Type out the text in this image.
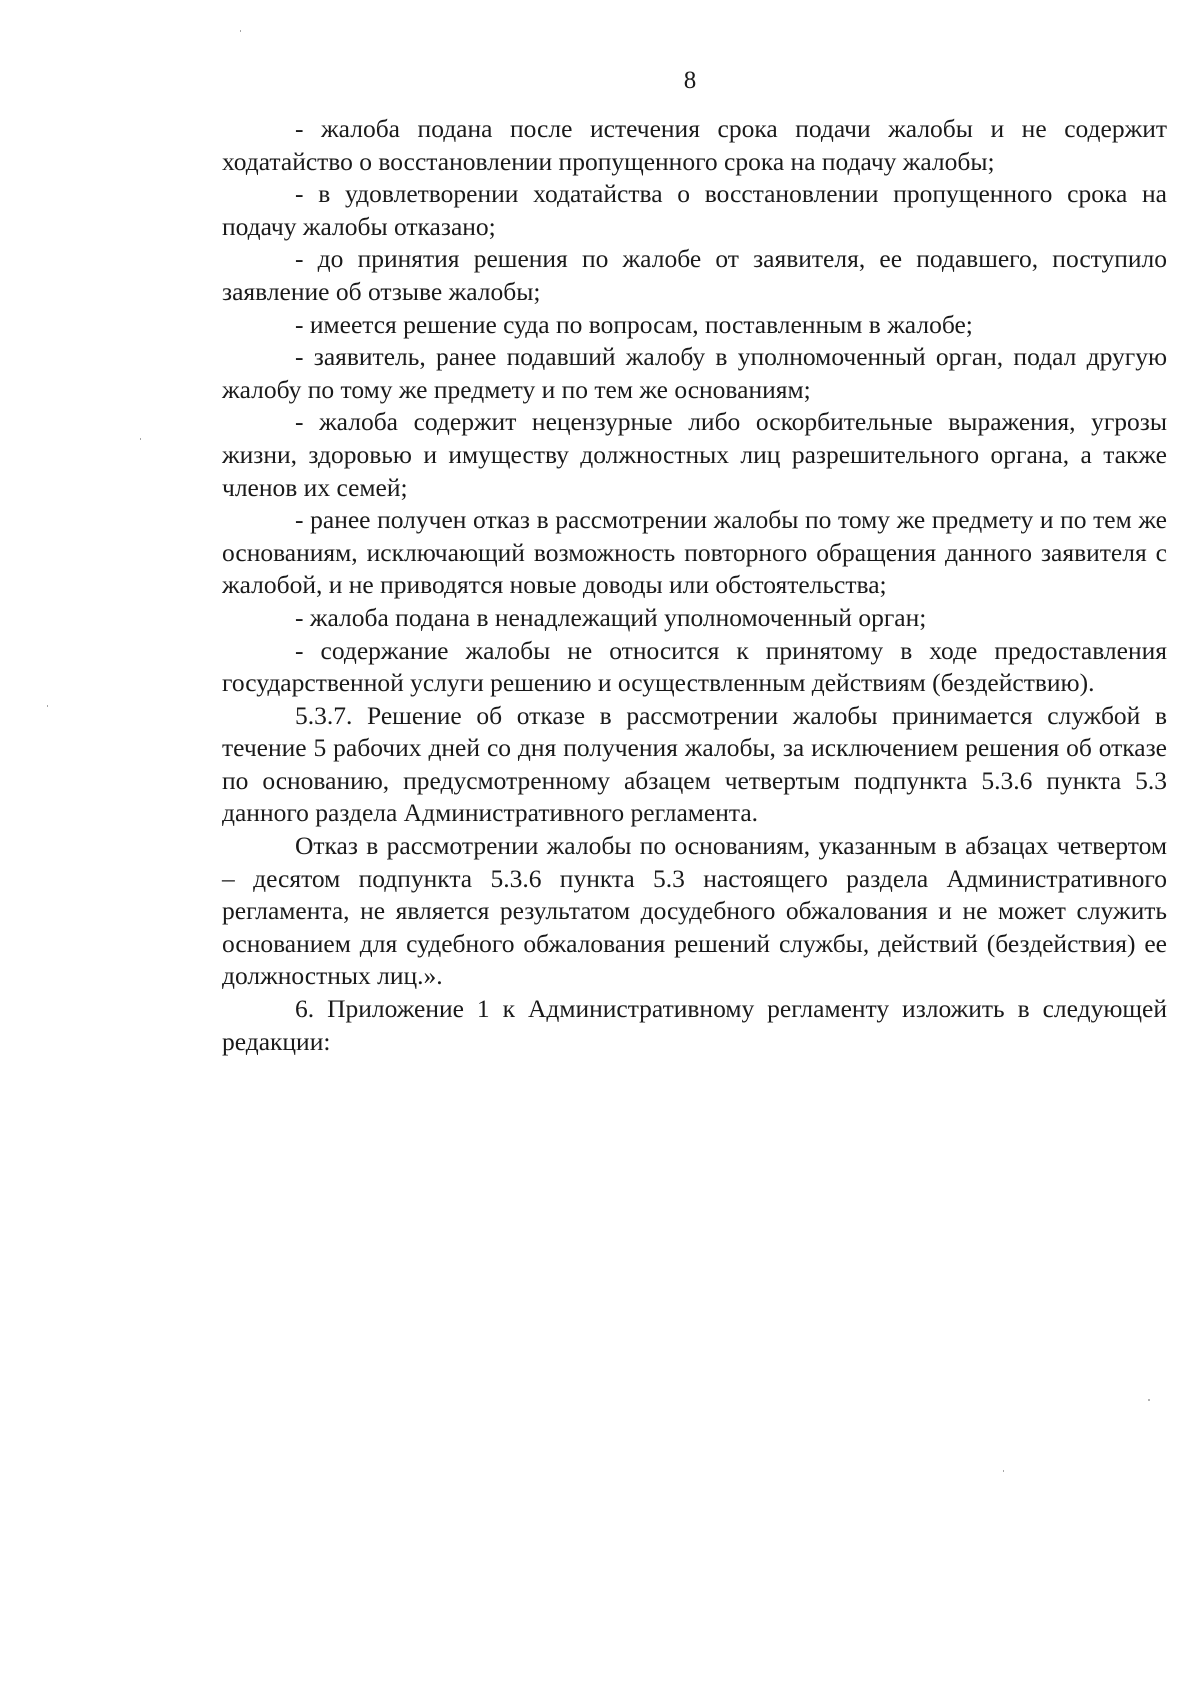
8

- жалоба подана после истечения срока подачи жалобы и не содержит ходатайство о восстановлении пропущенного срока на подачу жалобы;

- в удовлетворении ходатайства о восстановлении пропущенного срока на подачу жалобы отказано;

- до принятия решения по жалобе от заявителя, ее подавшего, поступило заявление об отзыве жалобы;

- имеется решение суда по вопросам, поставленным в жалобе;

- заявитель, ранее подавший жалобу в уполномоченный орган, подал другую жалобу по тому же предмету и по тем же основаниям;

- жалоба содержит нецензурные либо оскорбительные выражения, угрозы жизни, здоровью и имуществу должностных лиц разрешительного органа, а также членов их семей;

- ранее получен отказ в рассмотрении жалобы по тому же предмету и по тем же основаниям, исключающий возможность повторного обращения данного заявителя с жалобой, и не приводятся новые доводы или обстоятельства;

- жалоба подана в ненадлежащий уполномоченный орган;

- содержание жалобы не относится к принятому в ходе предоставления государственной услуги решению и осуществленным действиям (бездействию).

5.3.7. Решение об отказе в рассмотрении жалобы принимается службой в течение 5 рабочих дней со дня получения жалобы, за исключением решения об отказе по основанию, предусмотренному абзацем четвертым подпункта 5.3.6 пункта 5.3 данного раздела Административного регламента.

Отказ в рассмотрении жалобы по основаниям, указанным в абзацах четвертом – десятом подпункта 5.3.6 пункта 5.3 настоящего раздела Административного регламента, не является результатом досудебного обжалования и не может служить основанием для судебного обжалования решений службы, действий (бездействия) ее должностных лиц.».

6. Приложение 1 к Административному регламенту изложить в следующей редакции:
